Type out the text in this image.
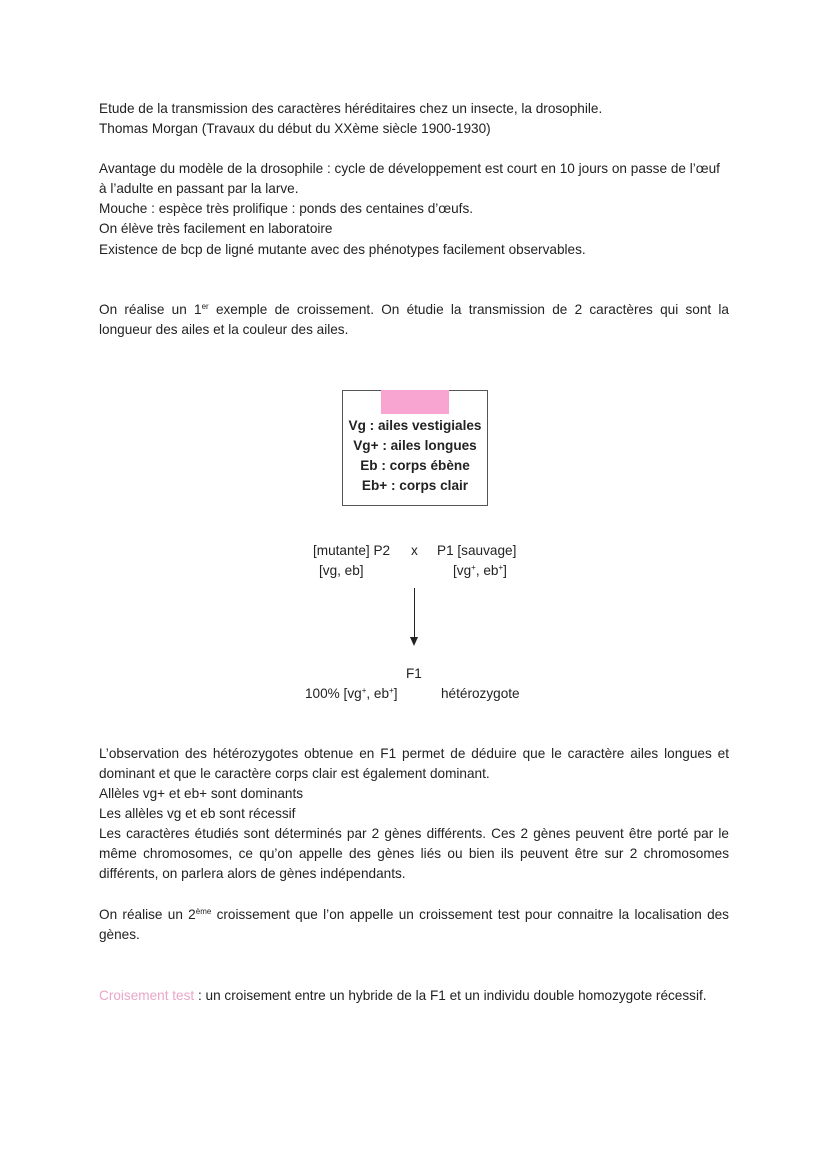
Etude de la transmission des caractères héréditaires chez un insecte, la drosophile.
Thomas Morgan (Travaux du début du XXème siècle 1900-1930)
Avantage du modèle de la drosophile : cycle de développement est court en 10 jours on passe de l’œuf
à l’adulte en passant par la larve.
Mouche : espèce très prolifique : ponds des centaines d’œufs.
On élève très facilement en laboratoire
Existence de bcp de ligné mutante avec des phénotypes facilement observables.
On réalise un 1er exemple de croissement. On étudie la transmission de 2 caractères qui sont la
longueur des ailes et la couleur des ailes.
Vg : ailes vestigiales
Vg+ : ailes longues
Eb : corps ébène
Eb+ : corps clair
[mutante] P2 x P1 [sauvage]
[vg, eb]	[vg+, eb+]
F1
100% [vg+, eb+]	hétérozygote
L’observation des hétérozygotes obtenue en F1 permet de déduire que le caractère ailes longues et
dominant et que le caractère corps clair est également dominant.
Allèles vg+ et eb+ sont dominants
Les allèles vg et eb sont récessif
Les caractères étudiés sont déterminés par 2 gènes différents. Ces 2 gènes peuvent être porté par le
même chromosomes, ce qu’on appelle des gènes liés ou bien ils peuvent être sur 2 chromosomes
différents, on parlera alors de gènes indépendants.
On réalise un 2ème croissement que l’on appelle un croissement test pour connaitre la localisation des
gènes.
Croisement test : un croisement entre un hybride de la F1 et un individu double homozygote récessif.
